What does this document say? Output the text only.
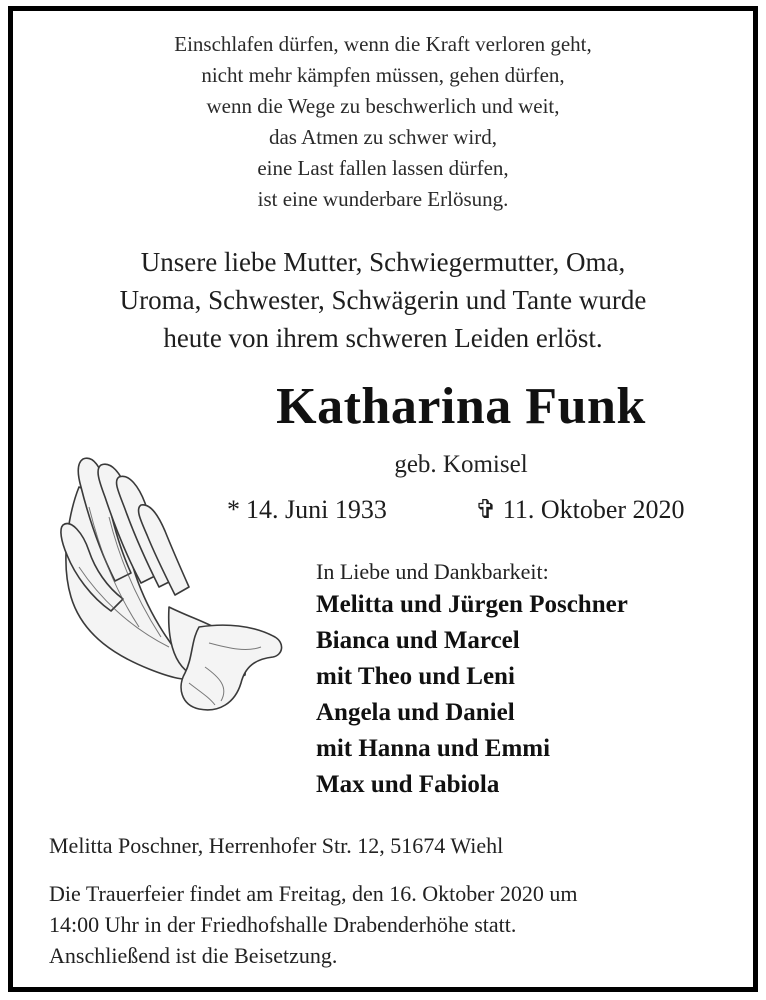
Einschlafen dürfen, wenn die Kraft verloren geht,
nicht mehr kämpfen müssen, gehen dürfen,
wenn die Wege zu beschwerlich und weit,
das Atmen zu schwer wird,
eine Last fallen lassen dürfen,
ist eine wunderbare Erlösung.
Unsere liebe Mutter, Schwiegermutter, Oma,
Uroma, Schwester, Schwägerin und Tante wurde
heute von ihrem schweren Leiden erlöst.
Katharina Funk
geb. Komisel
* 14. Juni 1933	✞ 11. Oktober 2020
In Liebe und Dankbarkeit:
Melitta und Jürgen Poschner
Bianca und Marcel
mit Theo und Leni
Angela und Daniel
mit Hanna und Emmi
Max und Fabiola
Melitta Poschner, Herrenhofer Str. 12, 51674 Wiehl
Die Trauerfeier findet am Freitag, den 16. Oktober 2020 um
14:00 Uhr in der Friedhofshalle Drabenderhöhe statt.
Anschließend ist die Beisetzung.
